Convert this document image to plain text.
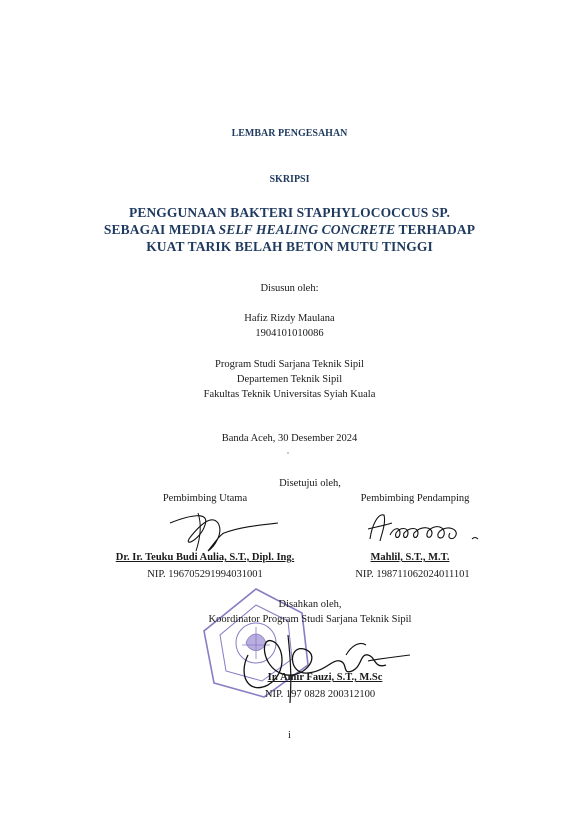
LEMBAR PENGESAHAN
SKRIPSI
PENGGUNAAN BAKTERI STAPHYLOCOCCUS SP.
SEBAGAI MEDIA SELF HEALING CONCRETE TERHADAP
KUAT TARIK BELAH BETON MUTU TINGGI
Disusun oleh:
Hafiz Rizdy Maulana
1904101010086
Program Studi Sarjana Teknik Sipil
Departemen Teknik Sipil
Fakultas Teknik Universitas Syiah Kuala
Banda Aceh, 30 Desember 2024
Disetujui oleh,
Pembimbing Utama	Pembimbing Pendamping
Dr. Ir. Teuku Budi Aulia, S.T., Dipl. Ing.
NIP. 196705291994031001
Mahlil, S.T., M.T.
NIP. 198711062024011101
Disahkan oleh,
Koordinator Program Studi Sarjana Teknik Sipil
Ir. Amir Fauzi, S.T., M.Sc
NIP. 197 0828 200312100
i
